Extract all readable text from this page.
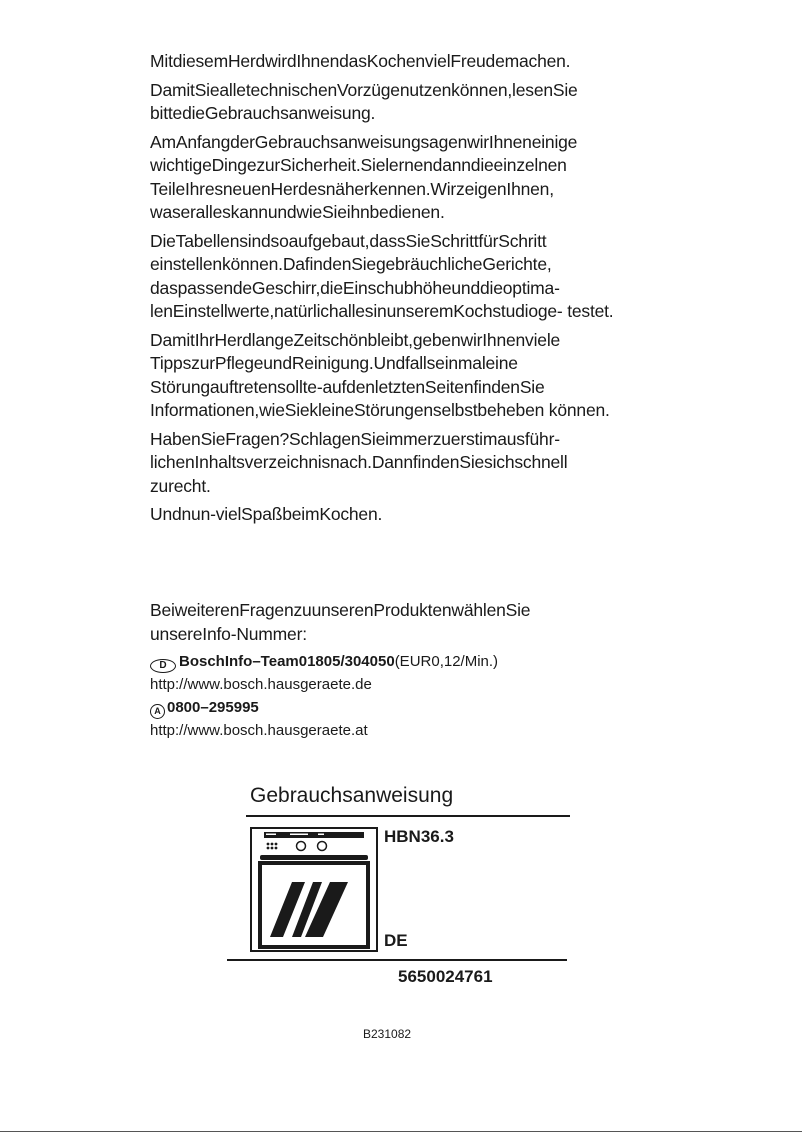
MitdiesemHerdwirdIhnendasKochenvielFreudemachen.

DamitSiealletechnischenVorzügenutzenkönnen,lesenSie bittedieGebrauchsanweisung.

AmAnfangderGebrauchsanweisungsagenwirIhneneinige wichtigeDingezurSicherheit.Sielernendanndieeinzelnen TeileIhresneuenHerdesnäherkennen.WirzeigenIhnen, waseralleskannundwieSieihnbedienen.

DieTabellensindsoaufgebaut,dassSieSchrittfürSchritt einstellenkönnen.DafindenSiegebräuchlicheGerichte, daspassendeGeschirr,dieEinschubhöheunddieoptima- lenEinstellwerte,natürlichallesinunseremKochstudioge- testet.

DamitIhrHerdlangeZeitschönbleibt,gebenwirIhnenviele TippszurPflegeundReinigung.Undfallseinmaleine Störungauftretensollte-aufdenletztenSeitenfindenSie Informationen,wieSiekleineStörungenselbstbeheben können.

HabenSieFragen?SchlagenSieimmerzuerstimausführ- lichenInhaltsverzeichnisnach.DannfindenSiesichschnell zurecht.

Undnun-vielSpaßbeimKochen.

BeiweiterenFragenzuunserenProduktenwählenSie unsereInfo-Nummer:

D BoschInfo–Team01805/304050(EUR0,12/Min.)
http://www.bosch.hausgeraete.de
A 0800–295995
http://www.bosch.hausgeraete.at
Gebrauchsanweisung
HBN36.3
DE
5650024761
B231082
